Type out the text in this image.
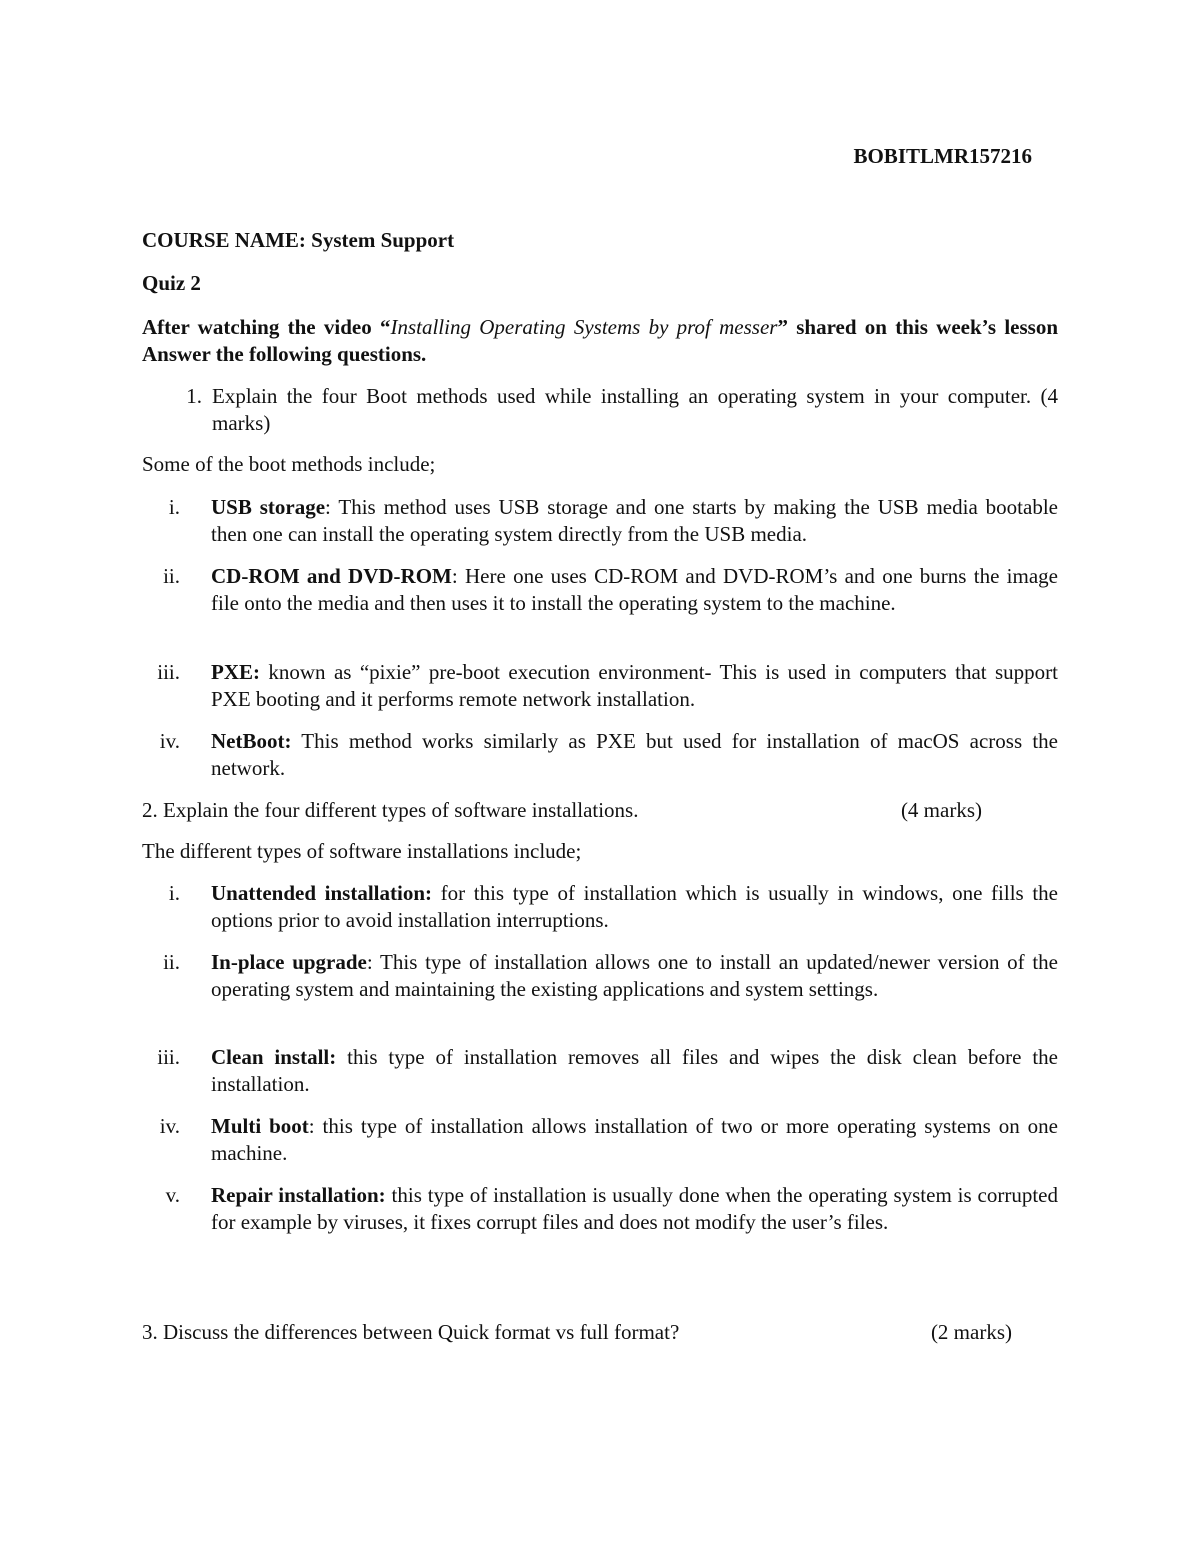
BOBITLMR157216
COURSE NAME: System Support
Quiz 2
After watching the video “Installing Operating Systems by prof messer” shared on this week’s lesson Answer the following questions.
1. Explain the four Boot methods used while installing an operating system in your computer. (4 marks)
Some of the boot methods include;
i. USB storage: This method uses USB storage and one starts by making the USB media bootable then one can install the operating system directly from the USB media.
ii. CD-ROM and DVD-ROM: Here one uses CD-ROM and DVD-ROM’s and one burns the image file onto the media and then uses it to install the operating system to the machine.
iii. PXE: known as “pixie” pre-boot execution environment- This is used in computers that support PXE booting and it performs remote network installation.
iv. NetBoot: This method works similarly as PXE but used for installation of macOS across the network.
2. Explain the four different types of software installations.	(4 marks)
The different types of software installations include;
i. Unattended installation: for this type of installation which is usually in windows, one fills the options prior to avoid installation interruptions.
ii. In-place upgrade: This type of installation allows one to install an updated/newer version of the operating system and maintaining the existing applications and system settings.
iii. Clean install: this type of installation removes all files and wipes the disk clean before the installation.
iv. Multi boot: this type of installation allows installation of two or more operating systems on one machine.
v. Repair installation: this type of installation is usually done when the operating system is corrupted for example by viruses, it fixes corrupt files and does not modify the user’s files.
3. Discuss the differences between Quick format vs full format?	(2 marks)
